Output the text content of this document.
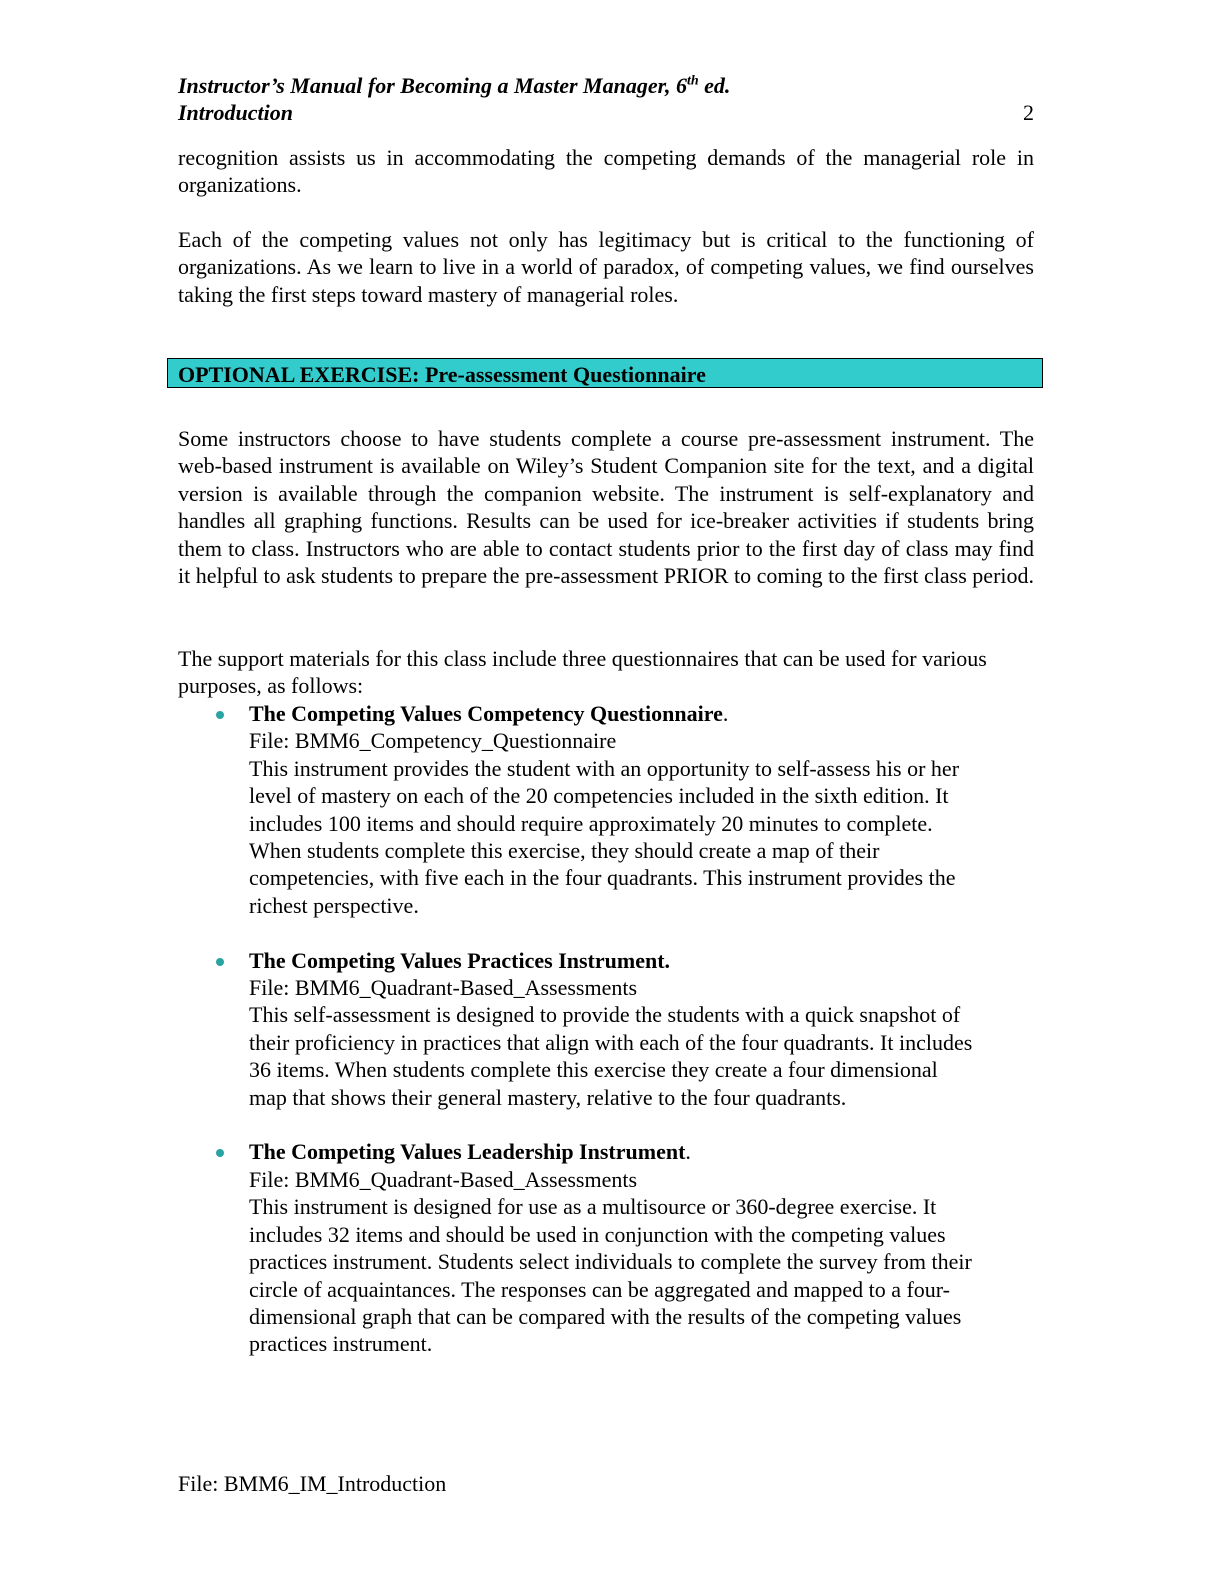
Instructor’s Manual for Becoming a Master Manager, 6th ed.
Introduction	2

recognition assists us in accommodating the competing demands of the managerial role in organizations.

Each of the competing values not only has legitimacy but is critical to the functioning of organizations. As we learn to live in a world of paradox, of competing values, we find ourselves taking the first steps toward mastery of managerial roles.

OPTIONAL EXERCISE: Pre-assessment Questionnaire

Some instructors choose to have students complete a course pre-assessment instrument. The web-based instrument is available on Wiley’s Student Companion site for the text, and a digital version is available through the companion website. The instrument is self-explanatory and handles all graphing functions. Results can be used for ice-breaker activities if students bring them to class. Instructors who are able to contact students prior to the first day of class may find it helpful to ask students to prepare the pre-assessment PRIOR to coming to the first class period.

The support materials for this class include three questionnaires that can be used for various purposes, as follows:

The Competing Values Competency Questionnaire.
File: BMM6_Competency_Questionnaire
This instrument provides the student with an opportunity to self-assess his or her
level of mastery on each of the 20 competencies included in the sixth edition. It
includes 100 items and should require approximately 20 minutes to complete.
When students complete this exercise, they should create a map of their
competencies, with five each in the four quadrants. This instrument provides the
richest perspective.
The Competing Values Practices Instrument.
File: BMM6_Quadrant-Based_Assessments
This self-assessment is designed to provide the students with a quick snapshot of
their proficiency in practices that align with each of the four quadrants. It includes
36 items. When students complete this exercise they create a four dimensional
map that shows their general mastery, relative to the four quadrants.
The Competing Values Leadership Instrument.
File: BMM6_Quadrant-Based_Assessments
This instrument is designed for use as a multisource or 360-degree exercise. It
includes 32 items and should be used in conjunction with the competing values
practices instrument. Students select individuals to complete the survey from their
circle of acquaintances. The responses can be aggregated and mapped to a four-
dimensional graph that can be compared with the results of the competing values
practices instrument.
File: BMM6_IM_Introduction
